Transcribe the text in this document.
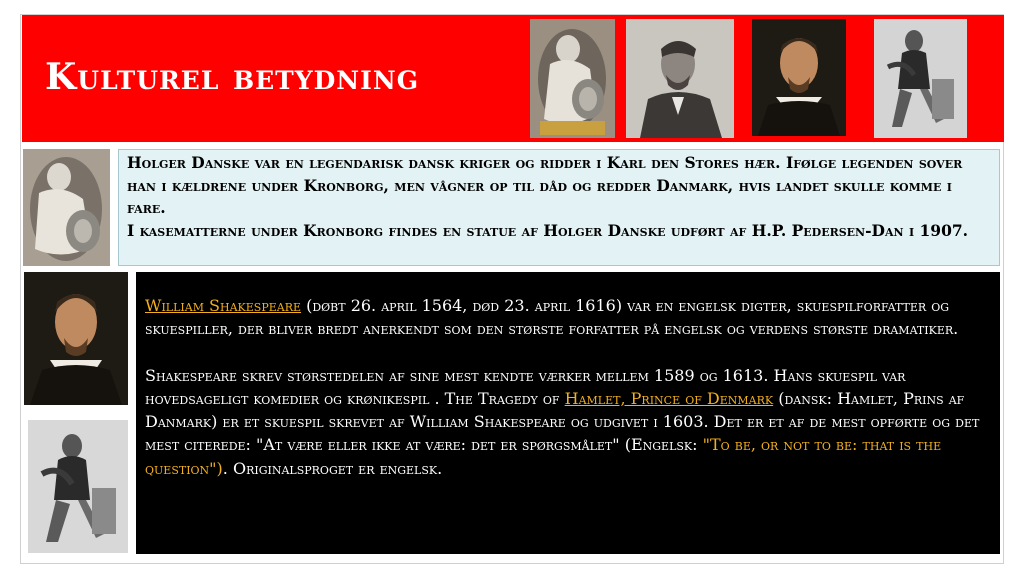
Kulturel betydning

Holger Danske var en legendarisk dansk kriger og ridder i Karl den Stores hær. Ifølge legenden sover han i kældrene under Kronborg, men vågner op til dåd og redder Danmark, hvis landet skulle komme i fare.

I kasematterne under Kronborg findes en statue af Holger Danske udført af H.P. Pedersen-Dan i 1907.

William Shakespeare (døbt 26. april 1564, død 23. april 1616) var en engelsk digter, skuespilforfatter og skuespiller, der bliver bredt anerkendt som den største forfatter på engelsk og verdens største dramatiker.

Shakespeare skrev størstedelen af sine mest kendte værker mellem 1589 og 1613. Hans skuespil var hovedsageligt komedier og krønikespil . The Tragedy of Hamlet, Prince of Denmark (dansk: Hamlet, Prins af Danmark) er et skuespil skrevet af William Shakespeare og udgivet i 1603. Det er et af de mest opførte og det mest citerede: "At være eller ikke at være: det er spørgsmålet" (Engelsk: "To be, or not to be: that is the question"). Originalsproget er engelsk.
